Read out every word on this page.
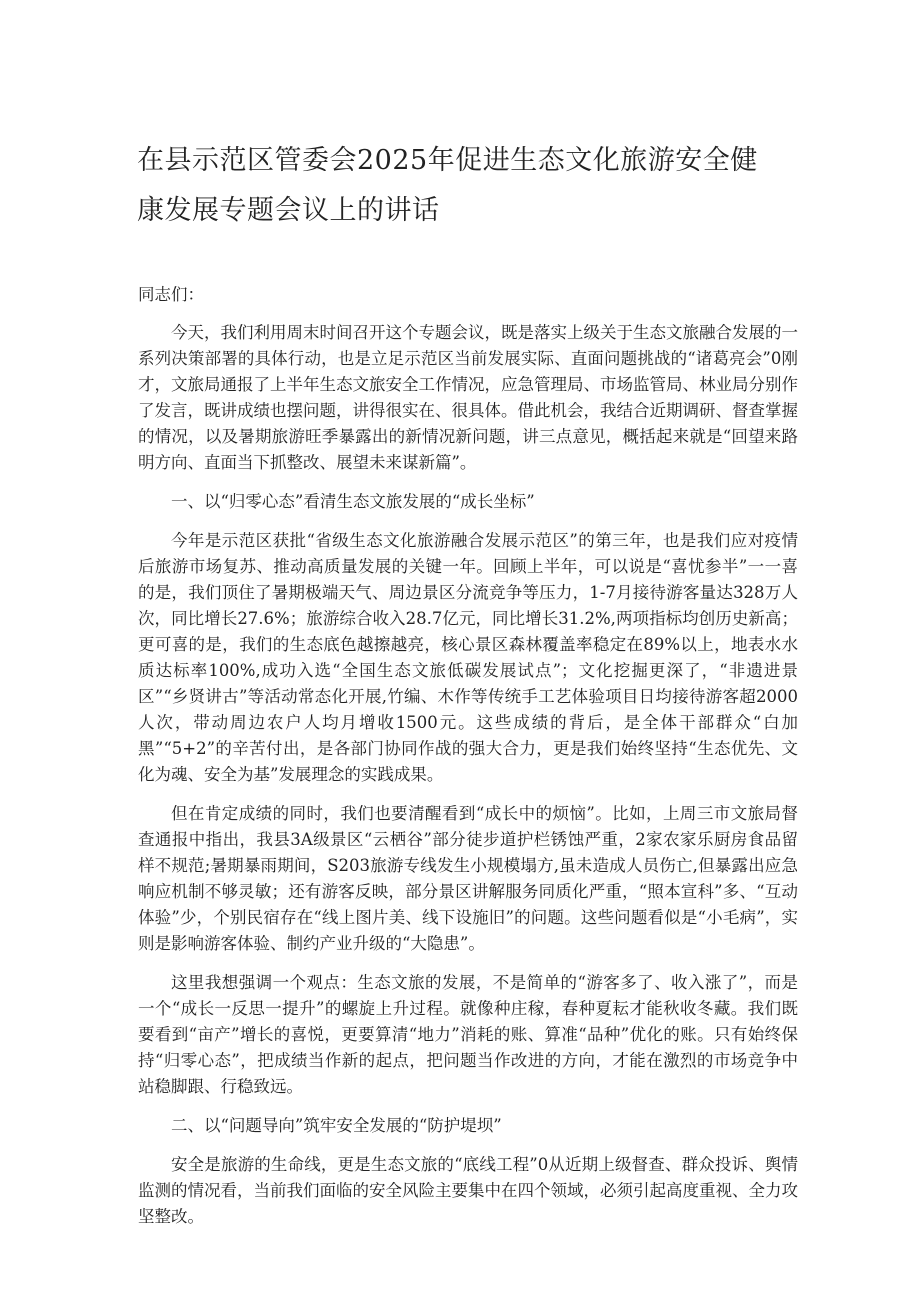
在县示范区管委会2025年促进生态文化旅游安全健康发展专题会议上的讲话

同志们：

今天，我们利用周末时间召开这个专题会议，既是落实上级关于生态文旅融合发展的一系列决策部署的具体行动，也是立足示范区当前发展实际、直面问题挑战的“诸葛亮会”0刚才，文旅局通报了上半年生态文旅安全工作情况，应急管理局、市场监管局、林业局分别作了发言，既讲成绩也摆问题，讲得很实在、很具体。借此机会，我结合近期调研、督查掌握的情况，以及暑期旅游旺季暴露出的新情况新问题，讲三点意见，概括起来就是“回望来路明方向、直面当下抓整改、展望未来谋新篇”。

一、以“归零心态”看清生态文旅发展的“成长坐标”

今年是示范区获批“省级生态文化旅游融合发展示范区”的第三年，也是我们应对疫情后旅游市场复苏、推动高质量发展的关键一年。回顾上半年，可以说是“喜忧参半”一一喜的是，我们顶住了暑期极端天气、周边景区分流竞争等压力，1-7月接待游客量达328万人次，同比增长27.6%；旅游综合收入28.7亿元，同比增长31.2%,两项指标均创历史新高；更可喜的是，我们的生态底色越擦越亮，核心景区森林覆盖率稳定在89%以上，地表水水质达标率100%,成功入选“全国生态文旅低碳发展试点”；文化挖掘更深了，“非遗进景区”“乡贤讲古”等活动常态化开展,竹编、木作等传统手工艺体验项目日均接待游客超2000人次，带动周边农户人均月增收1500元。这些成绩的背后，是全体干部群众“白加黑”“5+2”的辛苦付出，是各部门协同作战的强大合力，更是我们始终坚持“生态优先、文化为魂、安全为基”发展理念的实践成果。

但在肯定成绩的同时，我们也要清醒看到“成长中的烦恼”。比如，上周三市文旅局督查通报中指出，我县3A级景区“云栖谷”部分徒步道护栏锈蚀严重，2家农家乐厨房食品留样不规范;暑期暴雨期间，S203旅游专线发生小规模塌方,虽未造成人员伤亡,但暴露出应急响应机制不够灵敏；还有游客反映，部分景区讲解服务同质化严重，“照本宣科”多、“互动体验”少，个别民宿存在“线上图片美、线下设施旧”的问题。这些问题看似是“小毛病”，实则是影响游客体验、制约产业升级的“大隐患”。

这里我想强调一个观点：生态文旅的发展，不是简单的“游客多了、收入涨了”，而是一个“成长一反思一提升”的螺旋上升过程。就像种庄稼，春种夏耘才能秋收冬藏。我们既要看到“亩产”增长的喜悦，更要算清“地力”消耗的账、算准“品种”优化的账。只有始终保持“归零心态”，把成绩当作新的起点，把问题当作改进的方向，才能在激烈的市场竞争中站稳脚跟、行稳致远。

二、以“问题导向”筑牢安全发展的“防护堤坝”

安全是旅游的生命线，更是生态文旅的“底线工程”0从近期上级督查、群众投诉、舆情监测的情况看，当前我们面临的安全风险主要集中在四个领域，必须引起高度重视、全力攻坚整改。
